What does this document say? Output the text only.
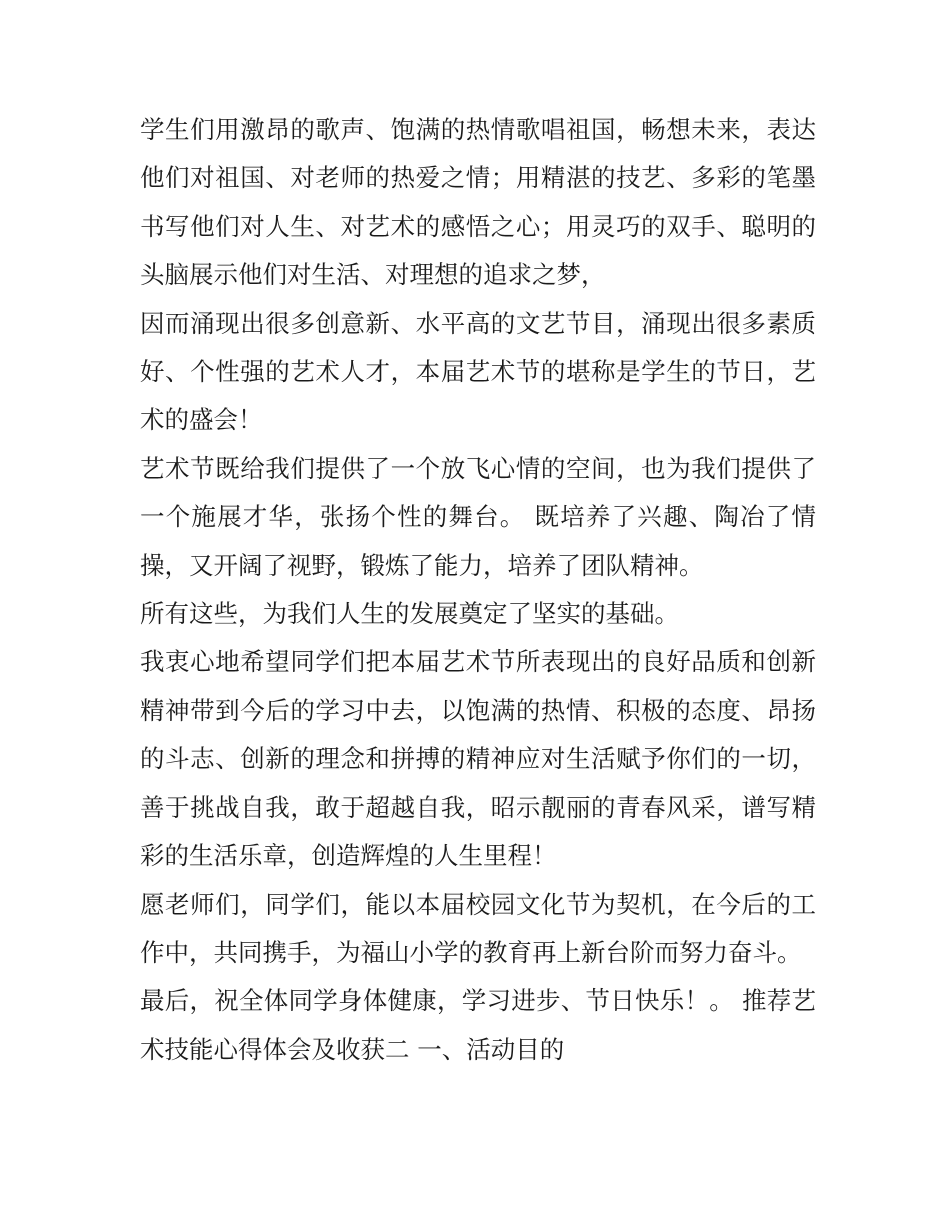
学生们用激昂的歌声、饱满的热情歌唱祖国，畅想未来，表达他们对祖国、对老师的热爱之情；用精湛的技艺、多彩的笔墨书写他们对人生、对艺术的感悟之心；用灵巧的双手、聪明的头脑展示他们对生活、对理想的追求之梦，

因而涌现出很多创意新、水平高的文艺节目，涌现出很多素质好、个性强的艺术人才，本届艺术节的堪称是学生的节日，艺术的盛会！

艺术节既给我们提供了一个放飞心情的空间，也为我们提供了一个施展才华，张扬个性的舞台。 既培养了兴趣、陶冶了情操，又开阔了视野，锻炼了能力，培养了团队精神。

所有这些，为我们人生的发展奠定了坚实的基础。

我衷心地希望同学们把本届艺术节所表现出的良好品质和创新精神带到今后的学习中去，以饱满的热情、积极的态度、昂扬的斗志、创新的理念和拼搏的精神应对生活赋予你们的一切，善于挑战自我，敢于超越自我，昭示靓丽的青春风采，谱写精彩的生活乐章，创造辉煌的人生里程！

愿老师们，同学们，能以本届校园文化节为契机，在今后的工作中，共同携手，为福山小学的教育再上新台阶而努力奋斗。

最后，祝全体同学身体健康，学习进步、节日快乐！。 推荐艺术技能心得体会及收获二 一、活动目的
